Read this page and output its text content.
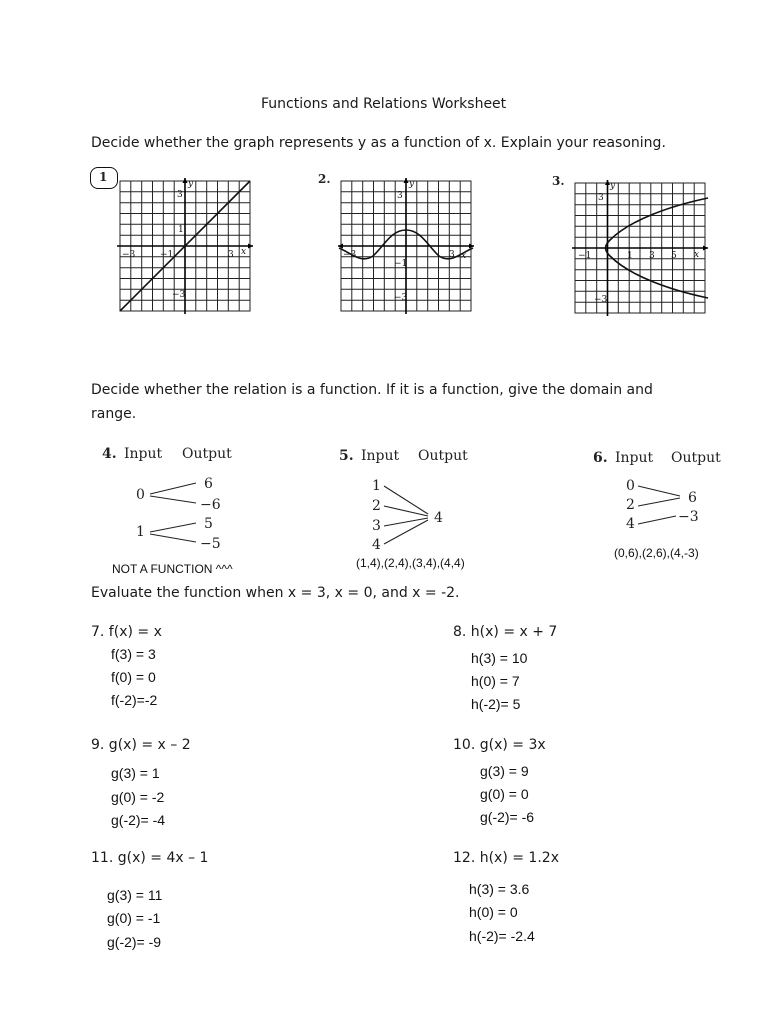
Functions and Relations Worksheet
Decide whether the graph represents y as a function of x. Explain your reasoning.
1	y
3
1
−3	−1
−3
3 x
2.	y
3
−3
−1
−3
3 x
3.	y
3
−1	1 3 5 x
−3
Decide whether the relation is a function. If it is a function, give the domain and
range.
4. Input Output
0
1
6
−6
5
−5
NOT A FUNCTION ^^^
5. Input Output
1
2
3
4
4
(1,4),(2,4),(3,4),(4,4)
6. Input Output
0
2
4
6
−3
(0,6),(2,6),(4,-3)
Evaluate the function when x = 3, x = 0, and x = -2.
7. f(x) = x
f(3) = 3
f(0) = 0
f(-2)=-2
8. h(x) = x + 7
h(3) = 10
h(0) = 7
h(-2)= 5
9. g(x) = x – 2
g(3) = 1
g(0) = -2
g(-2)= -4
10. g(x) = 3x
g(3) = 9
g(0) = 0
g(-2)= -6
11. g(x) = 4x – 1
g(3) = 11
g(0) = -1
g(-2)= -9
12. h(x) = 1.2x
h(3) = 3.6
h(0) = 0
h(-2)= -2.4
